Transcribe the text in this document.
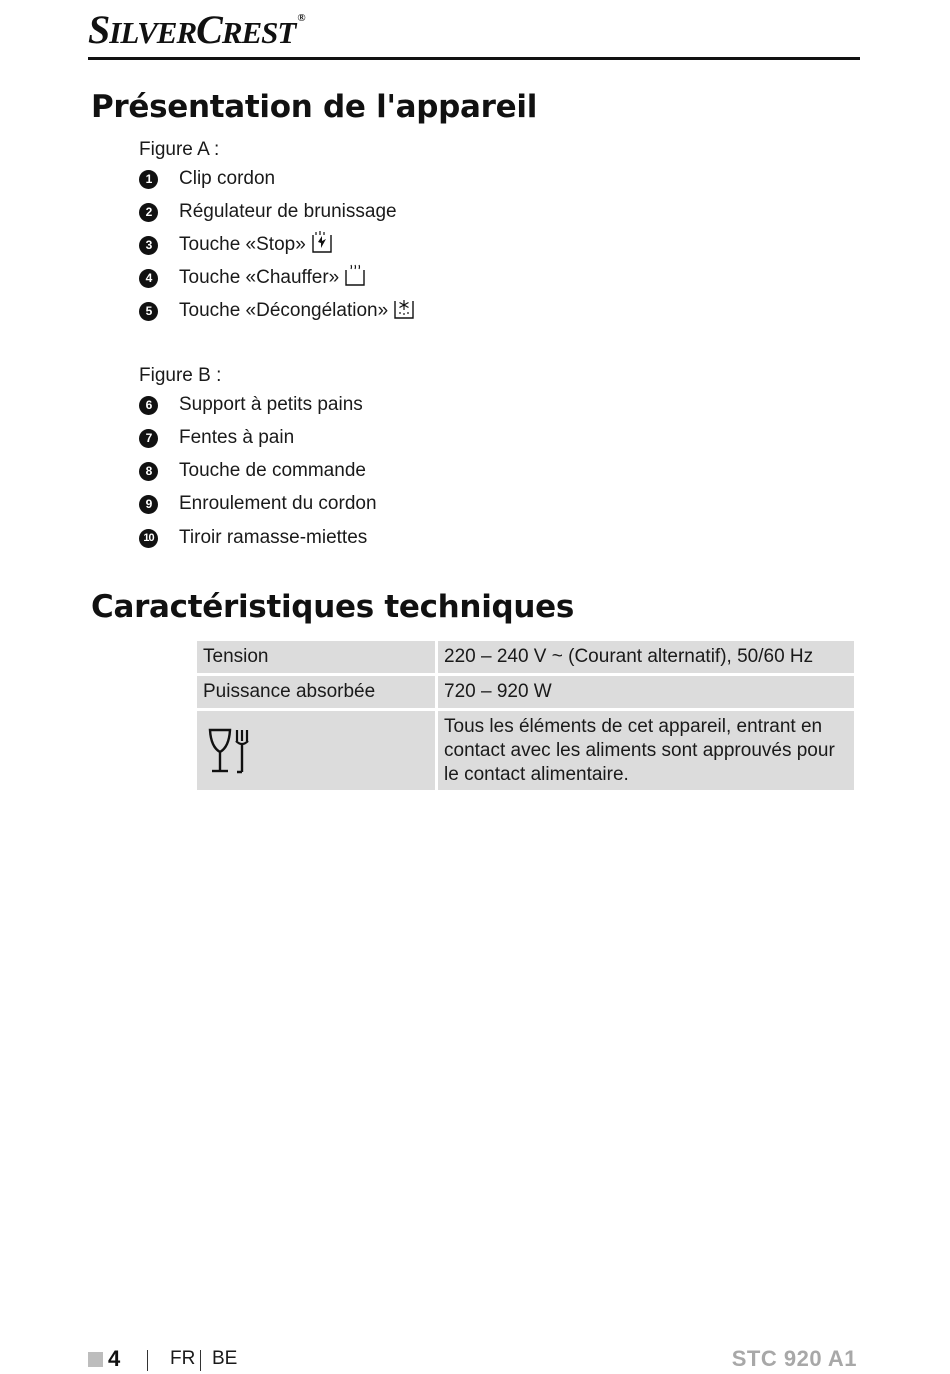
SILVERCREST ®
Présentation de l'appareil
Figure A :
1	Clip cordon
2	Régulateur de brunissage
3	Touche «Stop»
4	Touche «Chauffer»
5	Touche «Décongélation»
Figure B :
6	Support à petits pains
7	Fentes à pain
8	Touche de commande
9	Enroulement du cordon
10 Tiroir ramasse-miettes
Caractéristiques techniques
Tension	220 – 240 V ~ (Courant alternatif), 50/60 Hz
Puissance absorbée	720 – 920 W

	Tous les éléments de cet appareil, entrant en contact avec les aliments sont approuvés pour le contact alimentaire.
4	FR BE	STC 920 A1
